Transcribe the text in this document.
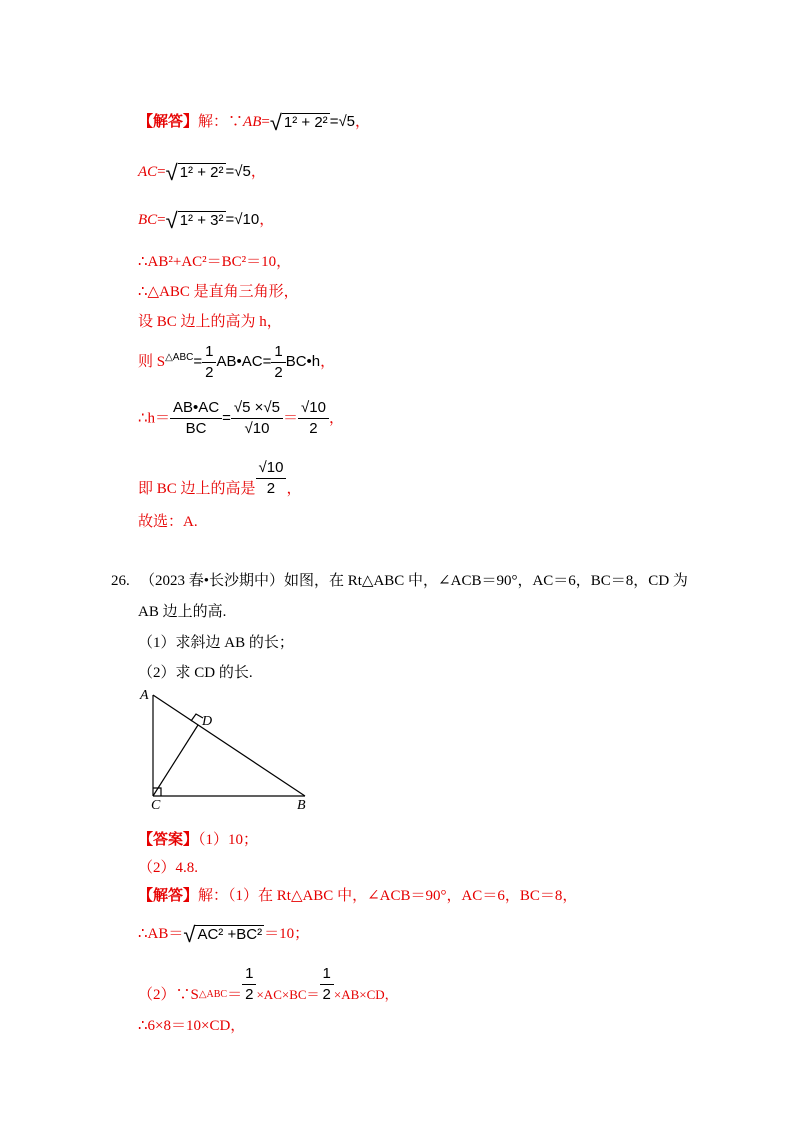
【解答】解：∵AB=√ 1² + 2² =√5，
AC=√ 1² + 2² =√5，
BC=√ 1² + 3² =√10，
∴AB²+AC²＝BC²＝10，
∴△ABC 是直角三角形，
设 BC 边上的高为 h，
则 $S^{\triangle ABC}= \frac{1}{2}$ AB•AC= $\frac{1}{2}$ BC•h，
∴h＝ $\frac{AB•AC}{BC} = \frac{√5 \times√5}{√10} = \frac{√10}{2}$ ，
即 BC 边上的高是 $\frac{√10}{2}$ ，
故选：A.
26. （2023 春•长沙期中）如图，在 Rt△ABC 中，∠ACB＝90°，AC＝6，BC＝8，CD 为
AB 边上的高.
（1）求斜边 AB 的长；
（2）求 CD 的长.
A
D
C	B
【答案】（1）10；
（2）4.8.
【解答】解：（1）在 Rt△ABC 中，∠ACB＝90°，AC＝6，BC＝8，
∴AB＝√ AC² +BC² ＝10；
（2）∵S△ABC＝ $\frac{1}{2} \times AC\times BC= \frac{1}{2} \times AB\times CD$，
∴6×8＝10×CD，
